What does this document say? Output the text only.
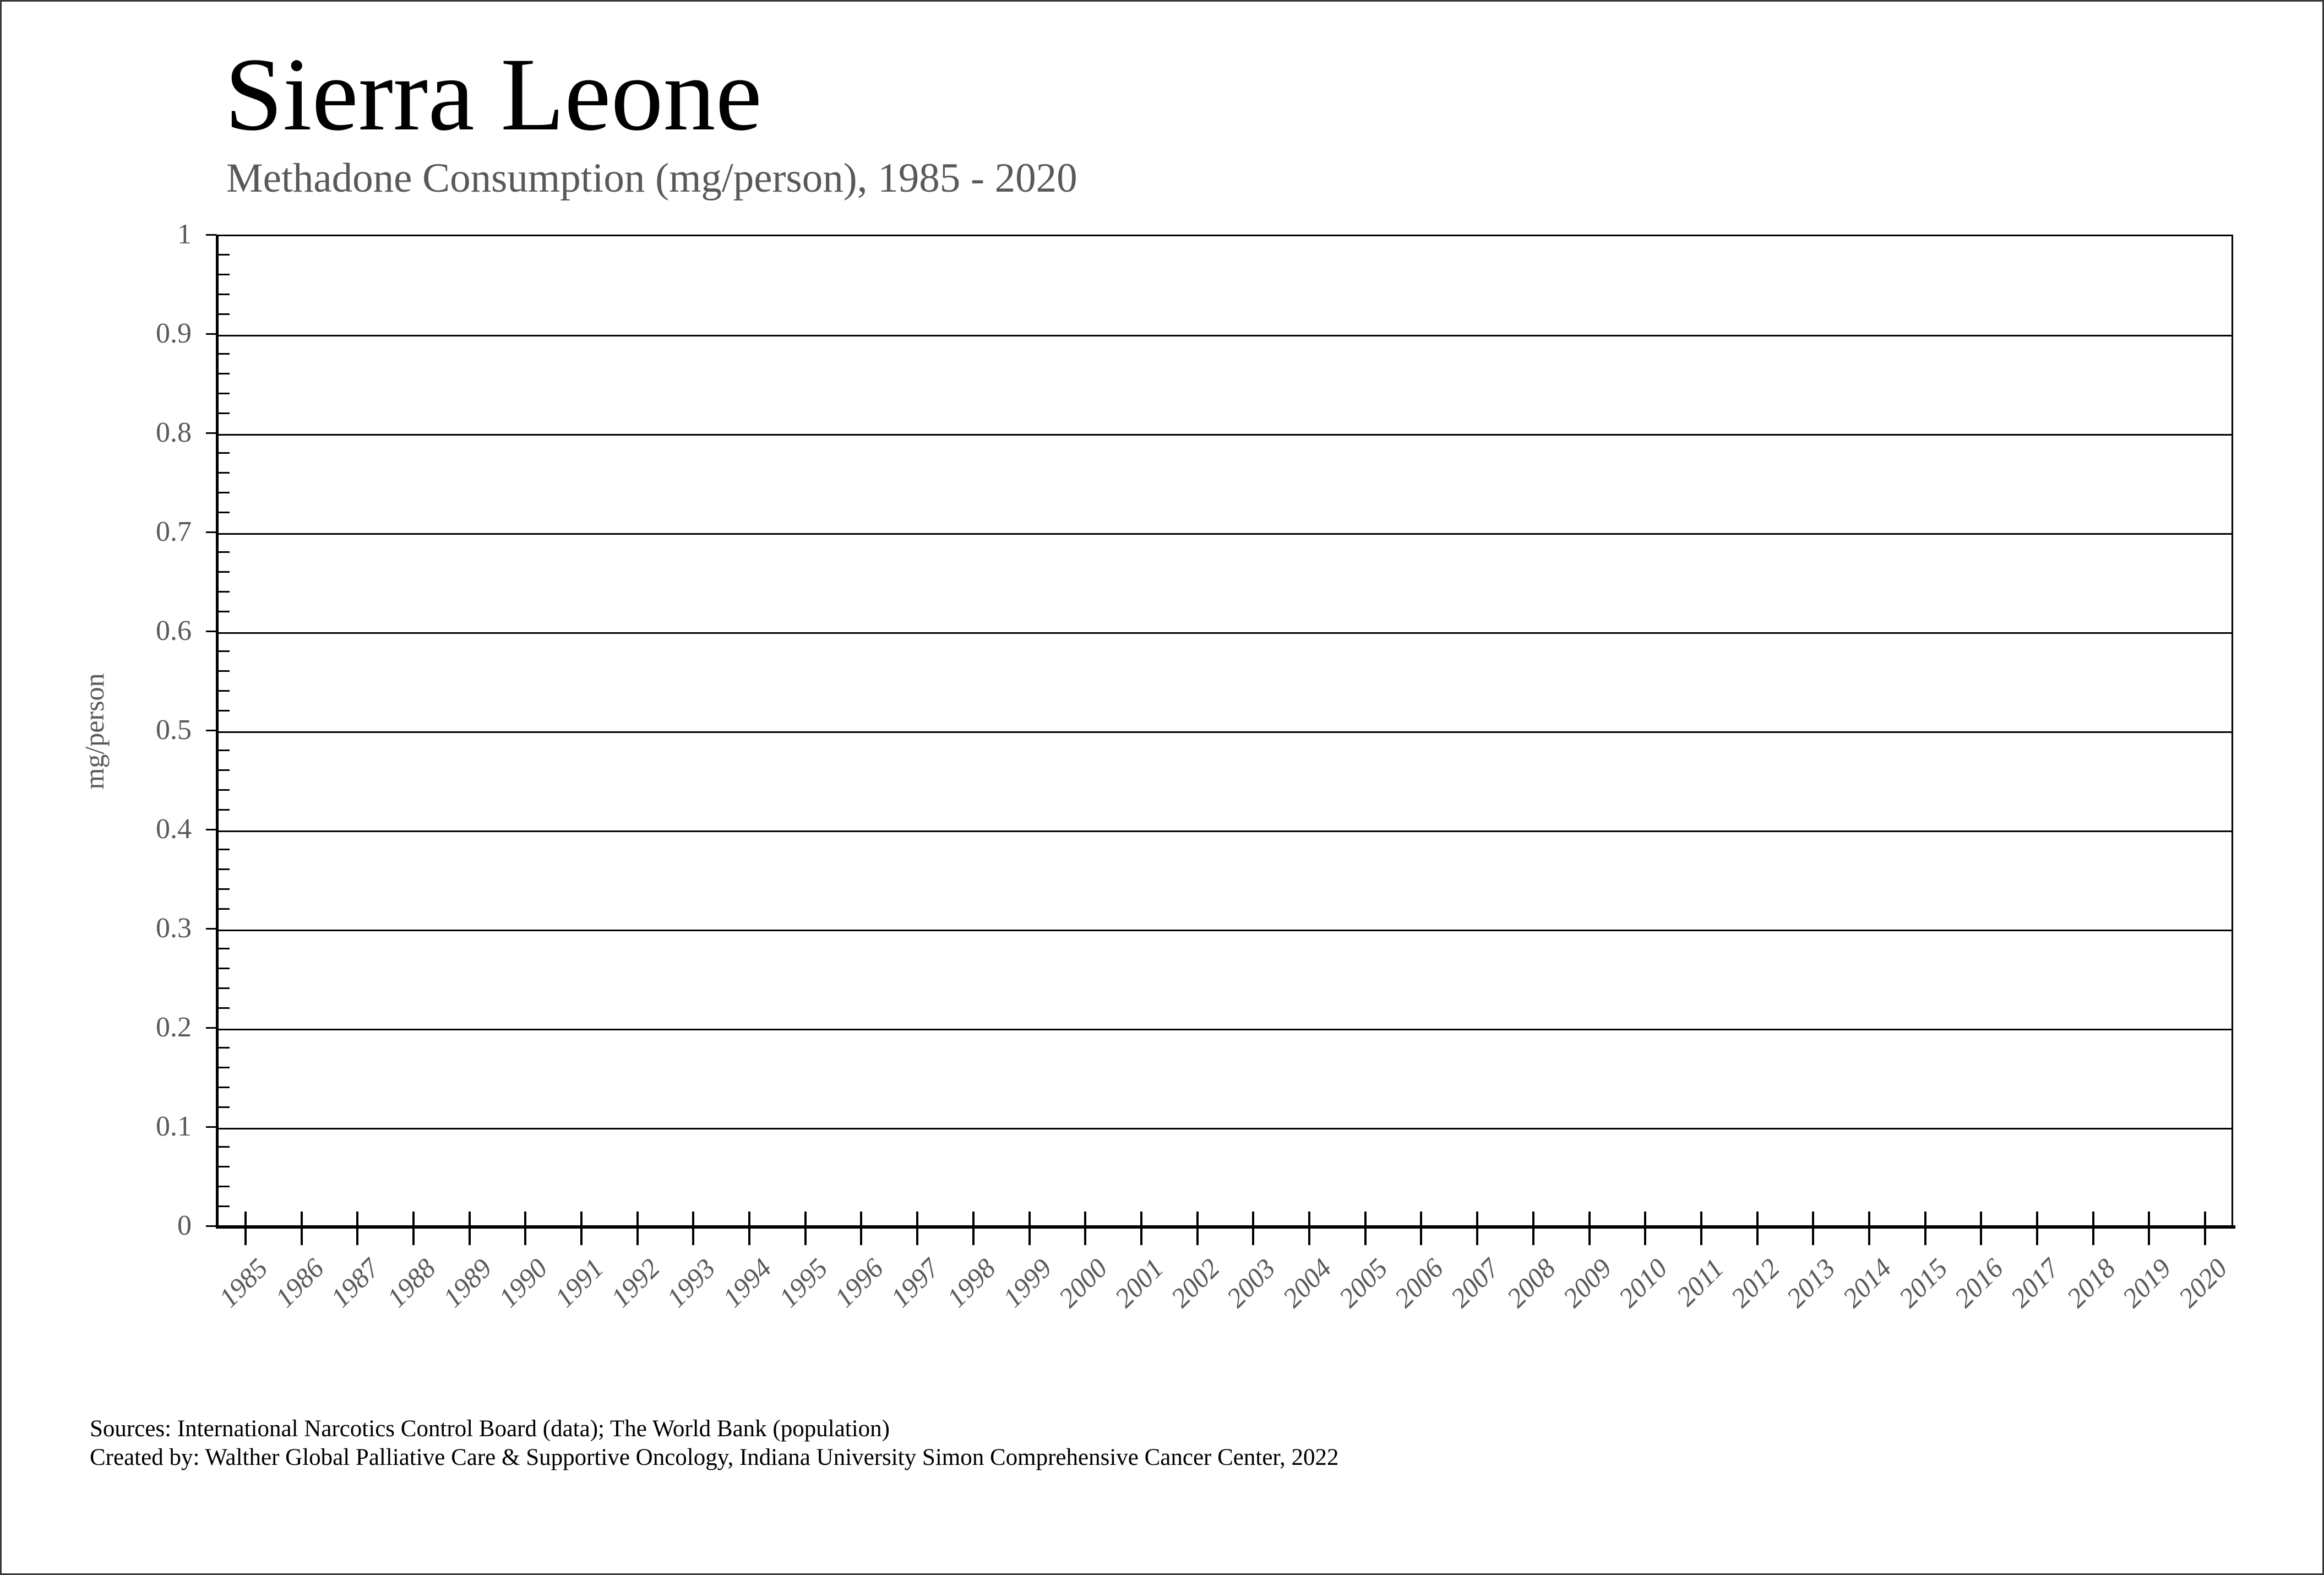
Sierra Leone
Methadone Consumption (mg/person), 1985 - 2020
mg/person
1
0.9
0.8
0.7
0.6
0.5
0.4
0.3
0.2
0.1
0
1985
1986
1987
1988
1989
1990
1991
1992
1993
1994
1995
1996
1997
1998
1999
2000
2001
2002
2003
2004
2005
2006
2007
2008
2009
2010
2011
2012
2013
2014
2015
2016
2017
2018
2019
2020
Sources: International Narcotics Control Board (data); The World Bank (population)
Created by: Walther Global Palliative Care & Supportive Oncology, Indiana University Simon Comprehensive Cancer Center, 2022
